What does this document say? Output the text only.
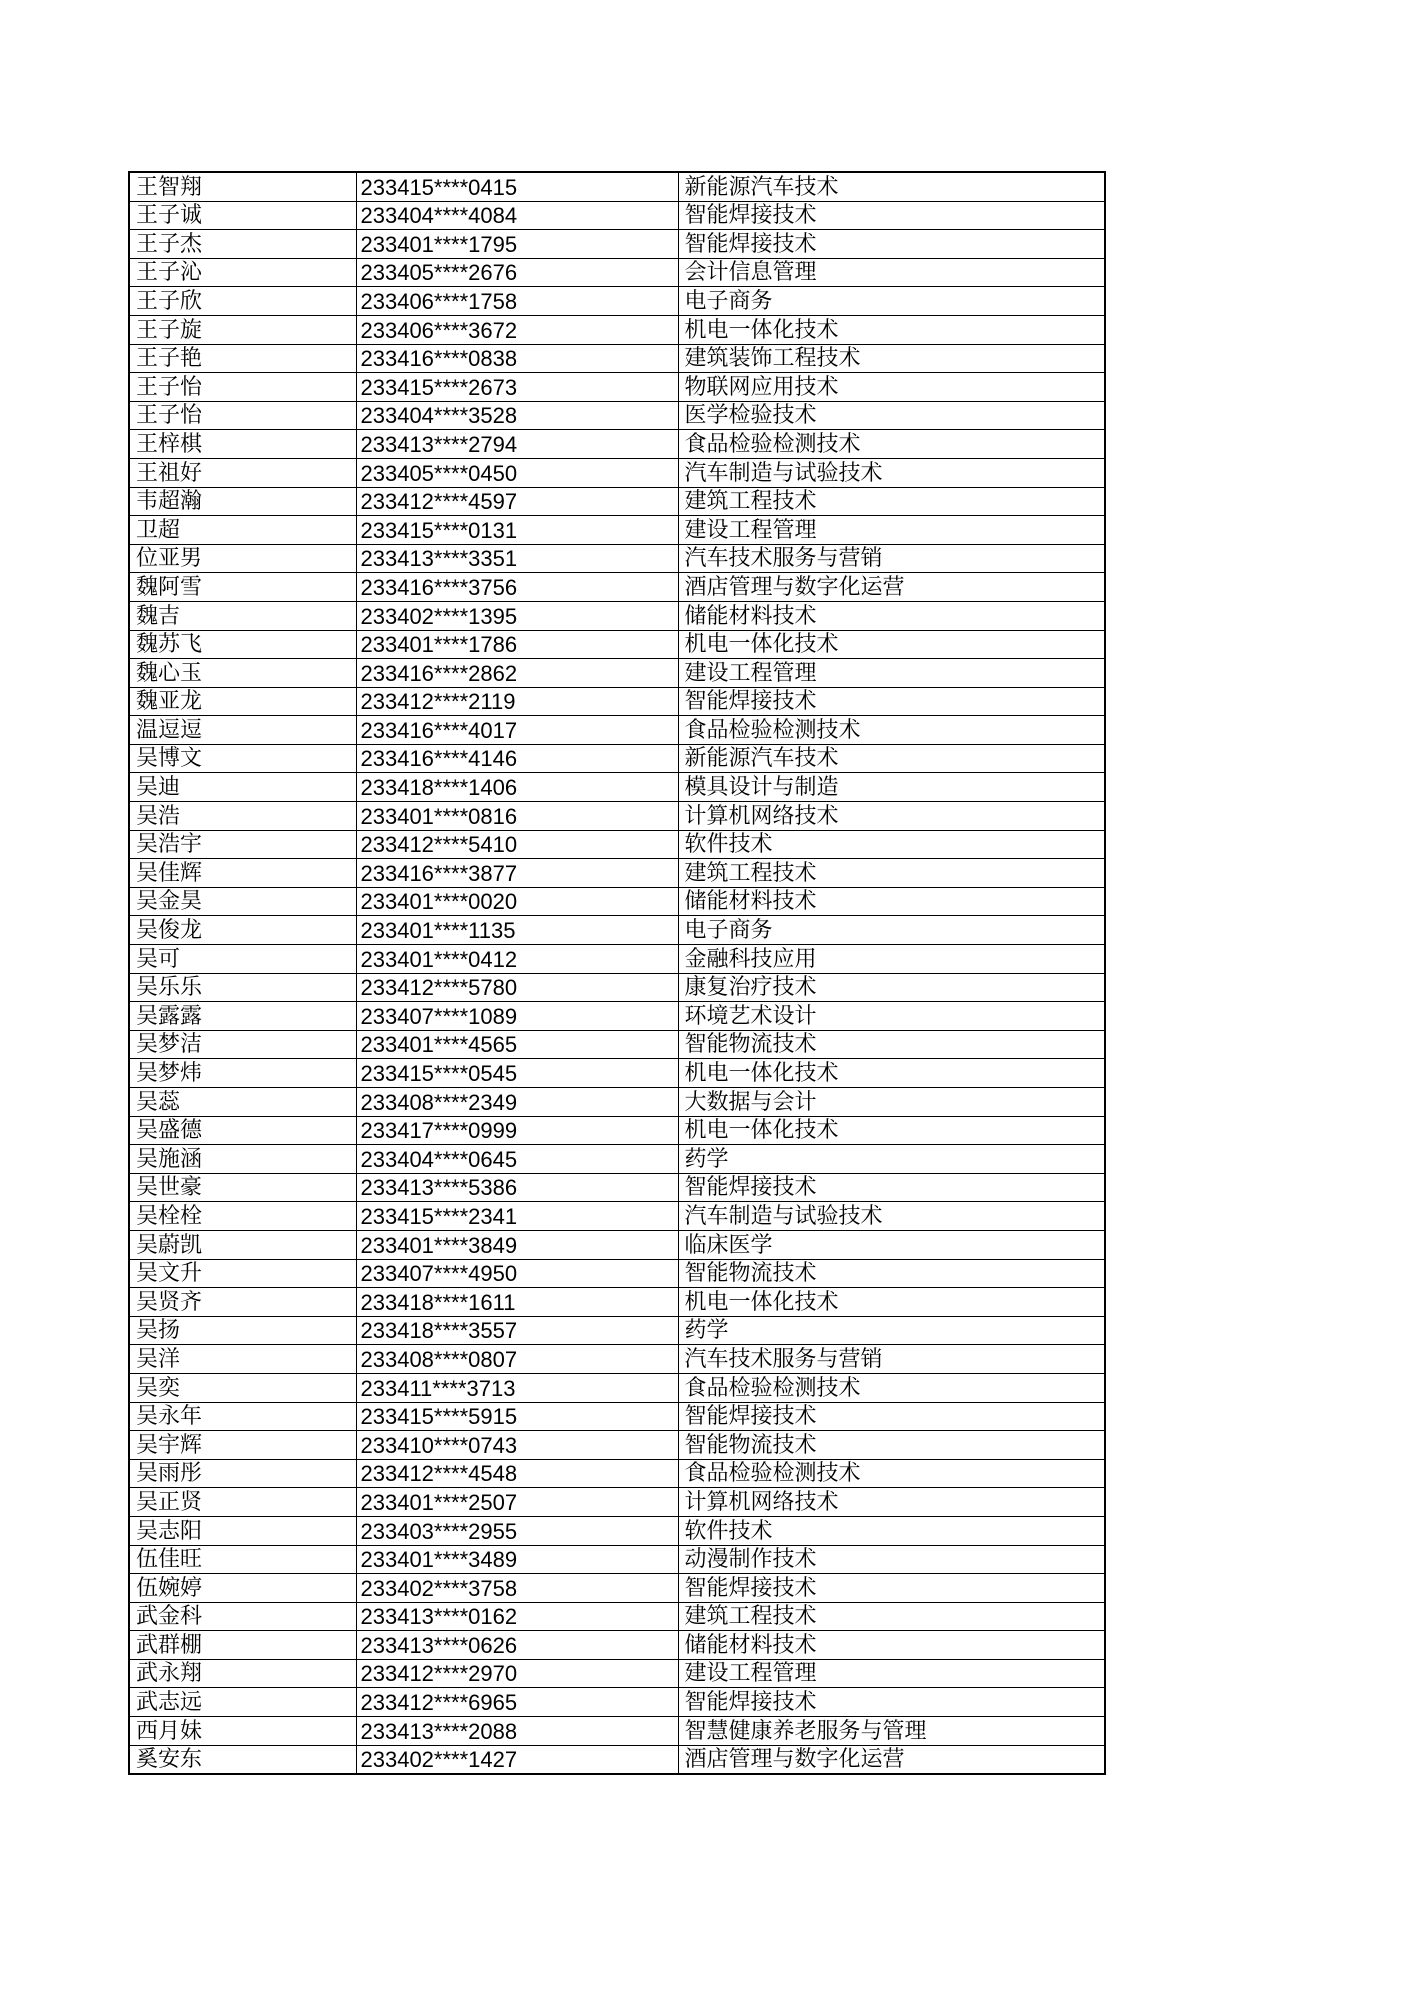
王智翔	233415****0415	新能源汽车技术
王子诚	233404****4084	智能焊接技术
王子杰	233401****1795	智能焊接技术
王子沁	233405****2676	会计信息管理
王子欣	233406****1758	电子商务
王子旋	233406****3672	机电一体化技术
王子艳	233416****0838	建筑装饰工程技术
王子怡	233415****2673	物联网应用技术
王子怡	233404****3528	医学检验技术
王梓棋	233413****2794	食品检验检测技术
王祖好	233405****0450	汽车制造与试验技术
韦超瀚	233412****4597	建筑工程技术
卫超	233415****0131	建设工程管理
位亚男	233413****3351	汽车技术服务与营销
魏阿雪	233416****3756	酒店管理与数字化运营
魏吉	233402****1395	储能材料技术
魏苏飞	233401****1786	机电一体化技术
魏心玉	233416****2862	建设工程管理
魏亚龙	233412****2119	智能焊接技术
温逗逗	233416****4017	食品检验检测技术
吴博文	233416****4146	新能源汽车技术
吴迪	233418****1406	模具设计与制造
吴浩	233401****0816	计算机网络技术
吴浩宇	233412****5410	软件技术
吴佳辉	233416****3877	建筑工程技术
吴金昊	233401****0020	储能材料技术
吴俊龙	233401****1135	电子商务
吴可	233401****0412	金融科技应用
吴乐乐	233412****5780	康复治疗技术
吴露露	233407****1089	环境艺术设计
吴梦洁	233401****4565	智能物流技术
吴梦炜	233415****0545	机电一体化技术
吴蕊	233408****2349	大数据与会计
吴盛德	233417****0999	机电一体化技术
吴施涵	233404****0645	药学
吴世豪	233413****5386	智能焊接技术
吴栓栓	233415****2341	汽车制造与试验技术
吴蔚凯	233401****3849	临床医学
吴文升	233407****4950	智能物流技术
吴贤齐	233418****1611	机电一体化技术
吴扬	233418****3557	药学
吴洋	233408****0807	汽车技术服务与营销
吴奕	233411****3713	食品检验检测技术
吴永年	233415****5915	智能焊接技术
吴宇辉	233410****0743	智能物流技术
吴雨彤	233412****4548	食品检验检测技术
吴正贤	233401****2507	计算机网络技术
吴志阳	233403****2955	软件技术
伍佳旺	233401****3489	动漫制作技术
伍婉婷	233402****3758	智能焊接技术
武金科	233413****0162	建筑工程技术
武群棚	233413****0626	储能材料技术
武永翔	233412****2970	建设工程管理
武志远	233412****6965	智能焊接技术
西月妹	233413****2088	智慧健康养老服务与管理
奚安东	233402****1427	酒店管理与数字化运营
